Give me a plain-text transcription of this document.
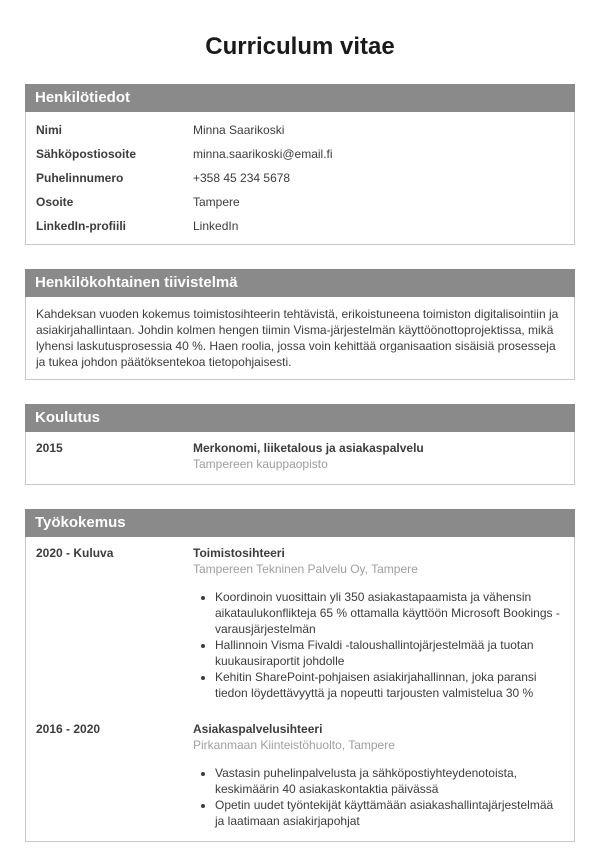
Curriculum vitae
Henkilötiedot
Nimi	Minna Saarikoski
Sähköpostiosoite	minna.saarikoski@email.fi
Puhelinnumero	+358 45 234 5678
Osoite	Tampere
LinkedIn-profiili	LinkedIn
Henkilökohtainen tiivistelmä

Kahdeksan vuoden kokemus toimistosihteerin tehtävistä, erikoistuneena toimiston digitalisointiin ja asiakirjahallintaan. Johdin kolmen hengen tiimin Visma-järjestelmän käyttöönottoprojektissa, mikä lyhensi laskutusprosessia 40 %. Haen roolia, jossa voin kehittää organisaation sisäisiä prosesseja ja tukea johdon päätöksentekoa tietopohjaisesti.

Koulutus
2015	Merkonomi, liiketalous ja asiakaspalvelu
Tampereen kauppaopisto
Työkokemus
2020 - Kuluva	Toimistosihteeri
Tampereen Tekninen Palvelu Oy, Tampere
• Koordinoin vuosittain yli 350 asiakastapaamista ja vähensin aikataulukonflikteja 65 % ottamalla käyttöön Microsoft Bookings -varausjärjestelmän
• Hallinnoin Visma Fivaldi -taloushallintojärjestelmää ja tuotan kuukausiraportit johdolle
• Kehitin SharePoint-pohjaisen asiakirjahallinnan, joka paransi tiedon löydettävyyttä ja nopeutti tarjousten valmistelua 30 %
2016 - 2020	Asiakaspalvelusihteeri
Pirkanmaan Kiinteistöhuolto, Tampere
• Vastasin puhelinpalvelusta ja sähköpostiyhteydenotoista, keskimäärin 40 asiakaskontaktia päivässä
• Opetin uudet työntekijät käyttämään asiakashallintajärjestelmää ja laatimaan asiakirjapohjat
